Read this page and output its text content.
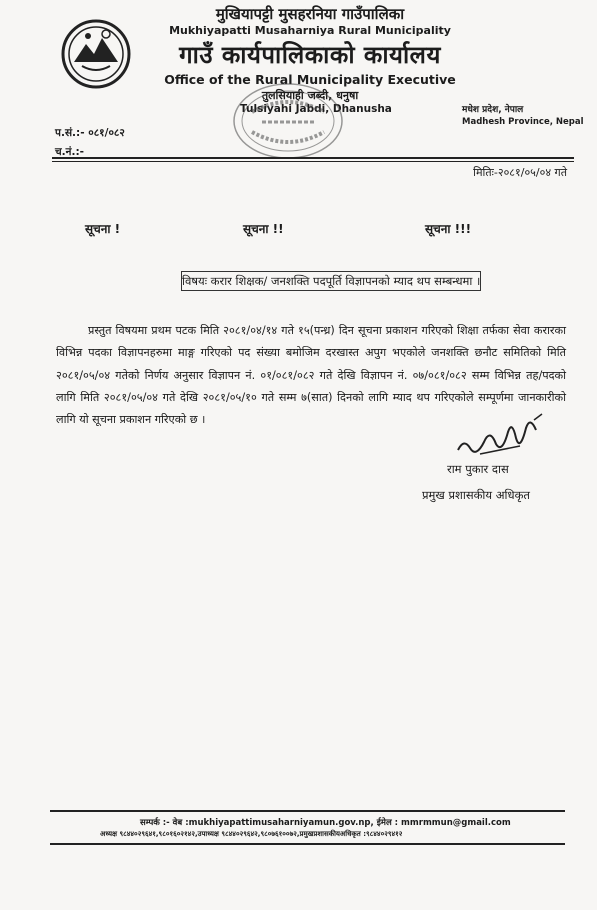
मुखियापट्टी मुसहरनिया गाउँपालिका
Mukhiyapatti Musaharniya Rural Municipality
गाउँ कार्यपालिकाको कार्यालय
Office of the Rural Municipality Executive
तुलसियाही जब्दी, धनुषा
Tulsiyahi Jabdi, Dhanusha	मधेश प्रदेश, नेपाल
Madhesh Province, Nepal
प.सं.:- ०८१/०८२
च.नं.:-
मितिः-२०८१/०५/०४ गते
सूचना !	सूचना !!	सूचना !!!
विषयः करार शिक्षक/ जनशक्ति पदपूर्ति विज्ञापनको म्याद थप सम्बन्धमा ।
प्रस्तुत विषयमा प्रथम पटक मिति २०८१/०४/१४ गते १५(पन्ध्र) दिन सूचना प्रकाशन गरिएको शिक्षा तर्फका सेवा करारका विभिन्न पदका विज्ञापनहरुमा माङ्ग गरिएको पद संख्या बमोजिम दरखास्त अपुग भएकोले जनशक्ति छनौट समितिको मिति २०८१/०५/०४ गतेको निर्णय अनुसार विज्ञापन नं. ०१/०८१/०८२ गते देखि विज्ञापन नं. ०७/०८१/०८२ सम्म विभिन्न तह/पदको लागि मिति २०८१/०५/०४ गते देखि २०८१/०५/१० गते सम्म ७(सात) दिनको लागि म्याद थप गरिएकोले सम्पूर्णमा जानकारीको लागि यो सूचना प्रकाशन गरिएको छ ।
राम पुकार दास
प्रमुख प्रशासकीय अधिकृत
सम्पर्क :- वेब :mukhiyapattimusaharniyamun.gov.np, ईमेल : mmrmmun@gmail.com
अध्यक्ष ९८४४०२९६४१,९८०१६०२१४२,उपाध्यक्ष ९८४४०२९६४२,९८०७६१००७२,प्रमुखप्रशासकीयअधिकृत :९८४४०२९४१२
